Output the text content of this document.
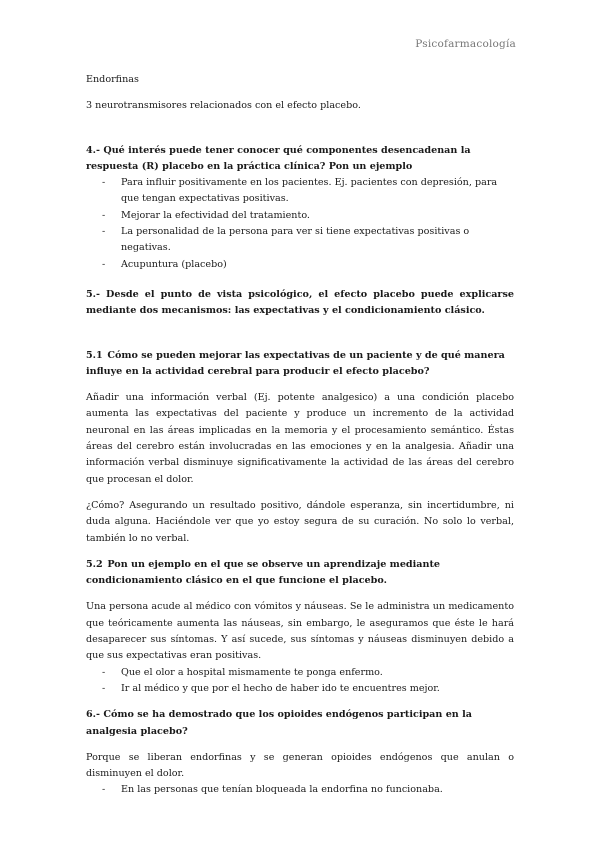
Psicofarmacología

Endorfinas

3 neurotransmisores relacionados con el efecto placebo.

4.- Qué interés puede tener conocer qué componentes desencadenan la respuesta (R) placebo en la práctica clínica? Pon un ejemplo

- Para influir positivamente en los pacientes. Ej. pacientes con depresión, para que tengan expectativas positivas.
- Mejorar la efectividad del tratamiento.
- La personalidad de la persona para ver si tiene expectativas positivas o negativas.
- Acupuntura (placebo)

5.- Desde el punto de vista psicológico, el efecto placebo puede explicarse mediante dos mecanismos: las expectativas y el condicionamiento clásico.

5.1 Cómo se pueden mejorar las expectativas de un paciente y de qué manera influye en la actividad cerebral para producir el efecto placebo?

Añadir una información verbal (Ej. potente analgesico) a una condición placebo aumenta las expectativas del paciente y produce un incremento de la actividad neuronal en las áreas implicadas en la memoria y el procesamiento semántico. Éstas áreas del cerebro están involucradas en las emociones y en la analgesia. Añadir una información verbal disminuye significativamente la actividad de las áreas del cerebro que procesan el dolor.

¿Cómo? Asegurando un resultado positivo, dándole esperanza, sin incertidumbre, ni duda alguna. Haciéndole ver que yo estoy segura de su curación. No solo lo verbal, también lo no verbal.

5.2 Pon un ejemplo en el que se observe un aprendizaje mediante condicionamiento clásico en el que funcione el placebo.

Una persona acude al médico con vómitos y náuseas. Se le administra un medicamento que teóricamente aumenta las náuseas, sin embargo, le aseguramos que éste le hará desaparecer sus síntomas. Y así sucede, sus síntomas y náuseas disminuyen debido a que sus expectativas eran positivas.

- Que el olor a hospital mismamente te ponga enfermo.
- Ir al médico y que por el hecho de haber ido te encuentres mejor.

6.- Cómo se ha demostrado que los opioides endógenos participan en la analgesia placebo?

Porque se liberan endorfinas y se generan opioides endógenos que anulan o disminuyen el dolor.

- En las personas que tenían bloqueada la endorfina no funcionaba.
